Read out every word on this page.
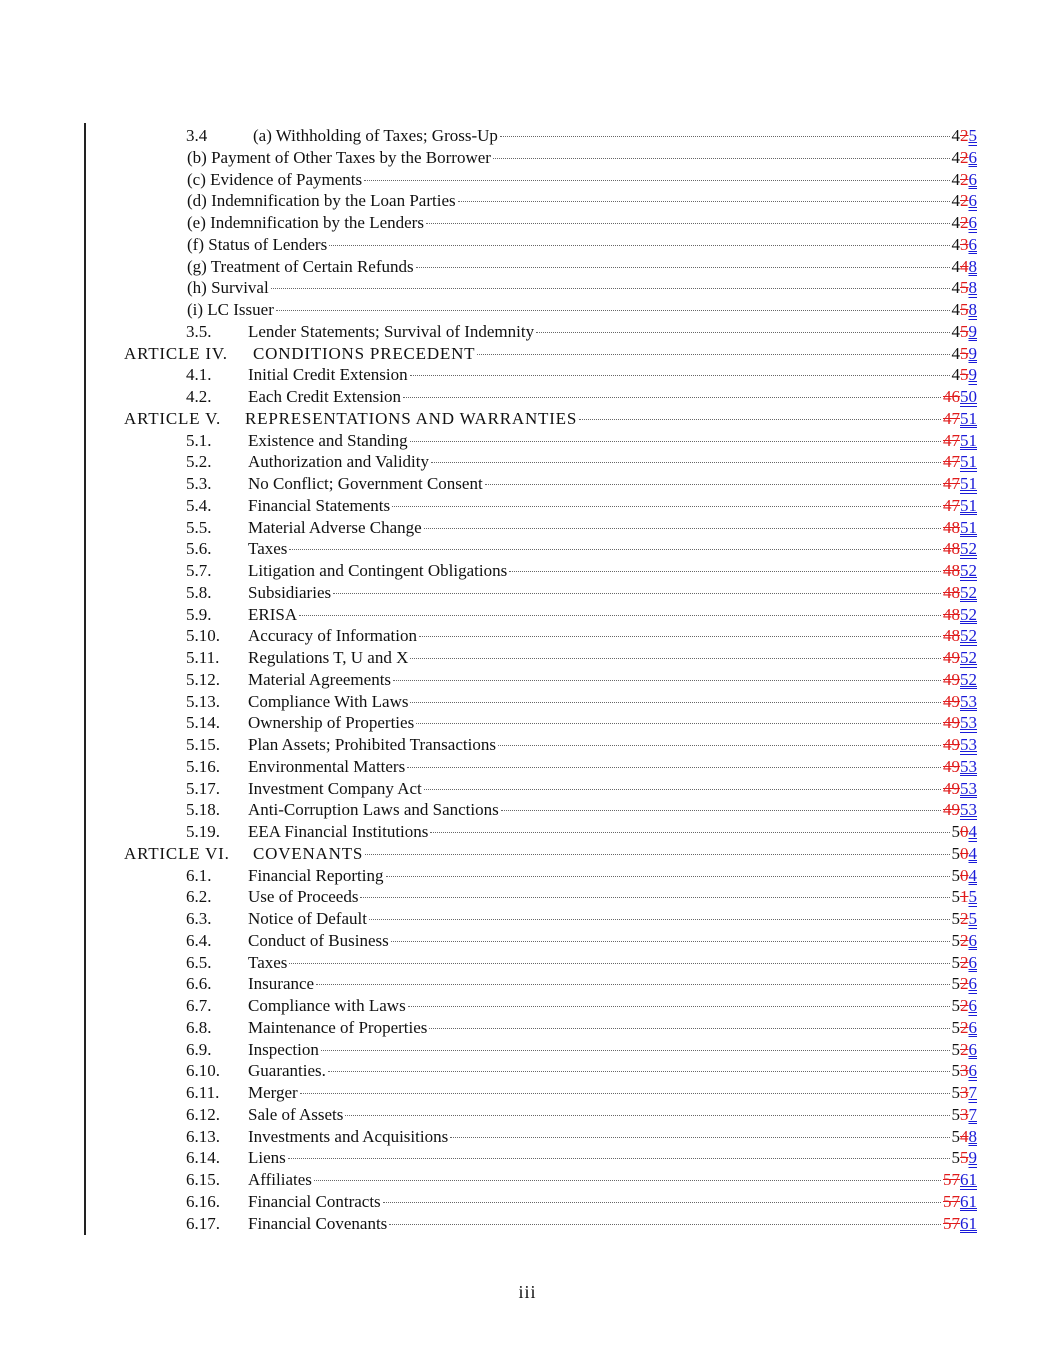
3.4	(a) Withholding of Taxes; Gross-Up	425
(b) Payment of Other Taxes by the Borrower	426
(c) Evidence of Payments	426
(d) Indemnification by the Loan Parties	426
(e) Indemnification by the Lenders	426
(f) Status of Lenders	436
(g) Treatment of Certain Refunds	448
(h) Survival	458
(i) LC Issuer	458
3.5. Lender Statements; Survival of Indemnity	459
ARTICLE IV. CONDITIONS PRECEDENT	459
4.1. Initial Credit Extension	459
4.2. Each Credit Extension	4650
ARTICLE V. REPRESENTATIONS AND WARRANTIES	4751
5.1. Existence and Standing	4751
5.2. Authorization and Validity	4751
5.3. No Conflict; Government Consent	4751
5.4. Financial Statements	4751
5.5. Material Adverse Change	4851
5.6. Taxes	4852
5.7. Litigation and Contingent Obligations	4852
5.8. Subsidiaries	4852
5.9. ERISA	4852
5.10. Accuracy of Information	4852
5.11. Regulations T, U and X	4952
5.12. Material Agreements	4952
5.13. Compliance With Laws	4953
5.14. Ownership of Properties	4953
5.15. Plan Assets; Prohibited Transactions	4953
5.16. Environmental Matters	4953
5.17. Investment Company Act	4953
5.18. Anti-Corruption Laws and Sanctions	4953
5.19. EEA Financial Institutions	504
ARTICLE VI. COVENANTS	504
6.1. Financial Reporting	504
6.2. Use of Proceeds	515
6.3. Notice of Default	525
6.4. Conduct of Business	526
6.5. Taxes	526
6.6. Insurance	526
6.7. Compliance with Laws	526
6.8. Maintenance of Properties	526
6.9. Inspection	526
6.10. Guaranties.	536
6.11. Merger	537
6.12. Sale of Assets	537
6.13. Investments and Acquisitions	548
6.14. Liens	559
6.15. Affiliates	5761
6.16. Financial Contracts	5761
6.17. Financial Covenants	5761
iii
